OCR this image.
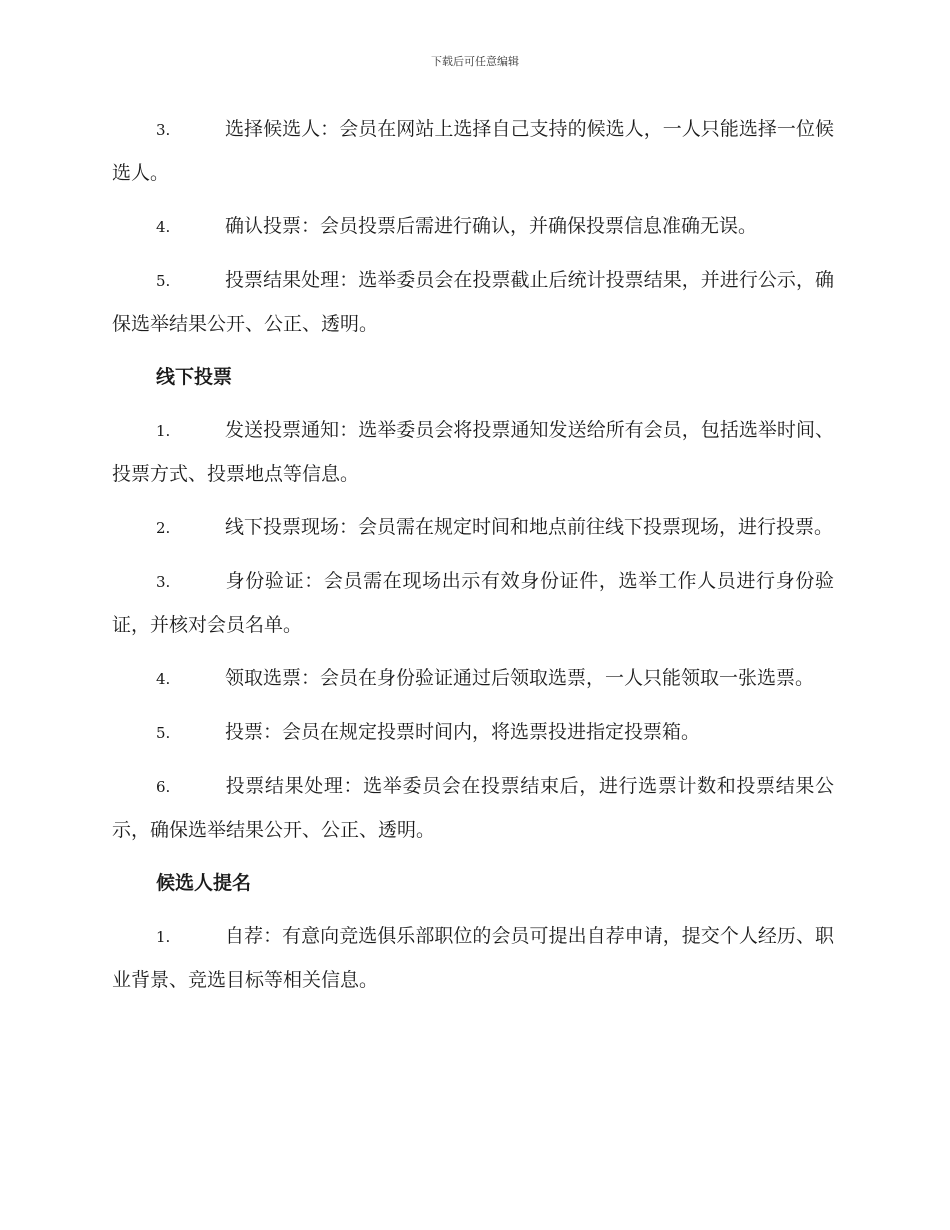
下载后可任意编辑

3.	选择候选人：会员在网站上选择自己支持的候选人，一人只能选择一位候选人。

4.	确认投票：会员投票后需进行确认，并确保投票信息准确无误。

5.	投票结果处理：选举委员会在投票截止后统计投票结果，并进行公示，确保选举结果公开、公正、透明。

线下投票

1.	发送投票通知：选举委员会将投票通知发送给所有会员，包括选举时间、投票方式、投票地点等信息。

2.	线下投票现场：会员需在规定时间和地点前往线下投票现场，进行投票。

3.	身份验证：会员需在现场出示有效身份证件，选举工作人员进行身份验证，并核对会员名单。

4.	领取选票：会员在身份验证通过后领取选票，一人只能领取一张选票。

5.	投票：会员在规定投票时间内，将选票投进指定投票箱。

6.	投票结果处理：选举委员会在投票结束后，进行选票计数和投票结果公示，确保选举结果公开、公正、透明。

候选人提名

1.	自荐：有意向竞选俱乐部职位的会员可提出自荐申请，提交个人经历、职业背景、竞选目标等相关信息。
